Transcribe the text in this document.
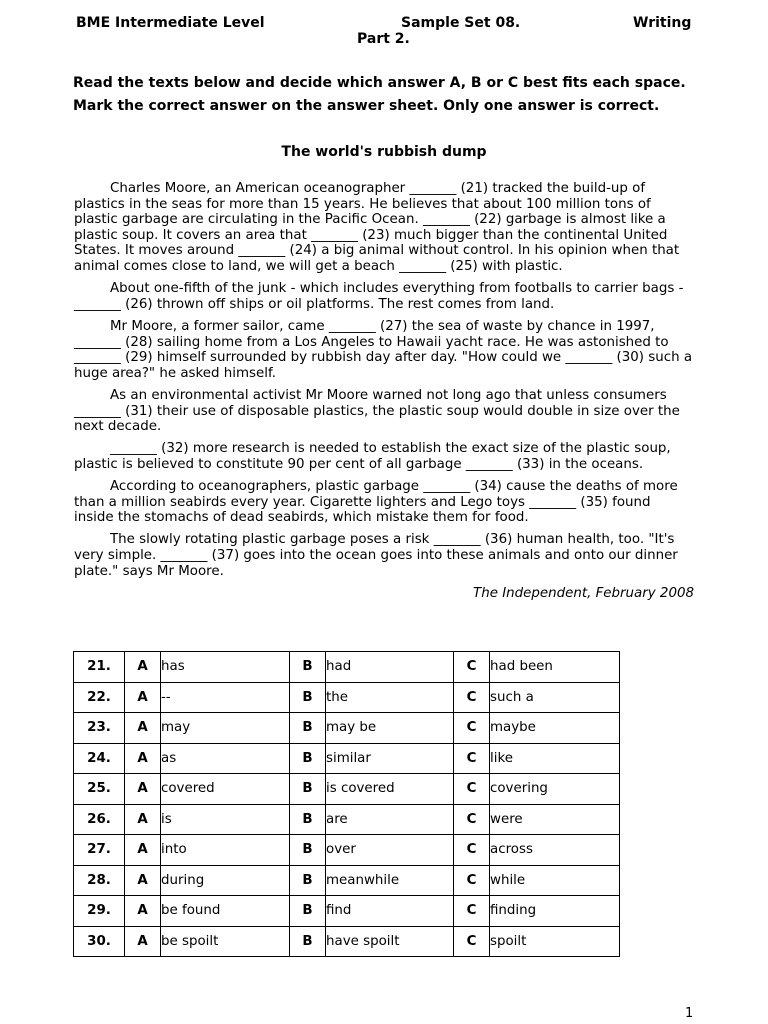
BME Intermediate Level	Sample Set 08.	Writing
Part 2.
Read the texts below and decide which answer A, B or C best fits each space.
Mark the correct answer on the answer sheet. Only one answer is correct.
The world's rubbish dump

Charles Moore, an American oceanographer _______ (21) tracked the build-up of plastics in the seas for more than 15 years. He believes that about 100 million tons of plastic garbage are circulating in the Pacific Ocean. _______ (22) garbage is almost like a plastic soup. It covers an area that _______ (23) much bigger than the continental United States. It moves around _______ (24) a big animal without control. In his opinion when that animal comes close to land, we will get a beach _______ (25) with plastic.

About one-fifth of the junk - which includes everything from footballs to carrier bags - _______ (26) thrown off ships or oil platforms. The rest comes from land.

Mr Moore, a former sailor, came _______ (27) the sea of waste by chance in 1997, _______ (28) sailing home from a Los Angeles to Hawaii yacht race. He was astonished to _______ (29) himself surrounded by rubbish day after day. "How could we _______ (30) such a huge area?" he asked himself.

As an environmental activist Mr Moore warned not long ago that unless consumers _______ (31) their use of disposable plastics, the plastic soup would double in size over the next decade.

_______ (32) more research is needed to establish the exact size of the plastic soup, plastic is believed to constitute 90 per cent of all garbage _______ (33) in the oceans.

According to oceanographers, plastic garbage _______ (34) cause the deaths of more than a million seabirds every year. Cigarette lighters and Lego toys _______ (35) found inside the stomachs of dead seabirds, which mistake them for food.

The slowly rotating plastic garbage poses a risk _______ (36) human health, too. "It's very simple. _______ (37) goes into the ocean goes into these animals and onto our dinner plate." says Mr Moore.

The Independent, February 2008

21.	A	has	B	had	C	had been
22.	A	--	B	the	C	such a
23.	A	may	B	may be	C	maybe
24.	A	as	B	similar	C	like
25.	A	covered	B	is covered	C	covering
26.	A	is	B	are	C	were
27.	A	into	B	over	C	across
28.	A	during	B	meanwhile	C	while
29.	A	be found	B	find	C	finding
30.	A	be spoilt	B	have spoilt	C	spoilt
1
